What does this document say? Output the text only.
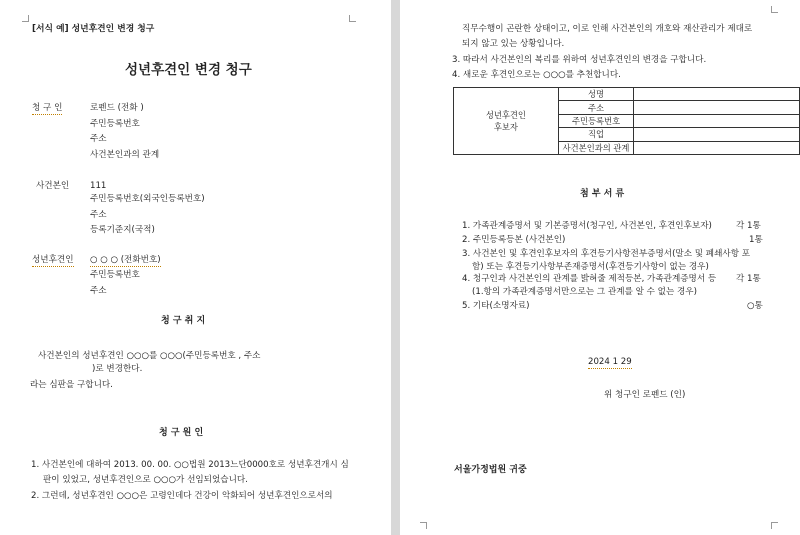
[서식 예] 성년후견인 변경 청구
성년후견인 변경 청구
청 구 인	로펜드 (전화 )
주민등록번호
주소
사건본인과의 관계
사건본인 111
주민등록번호(외국인등록번호)
주소
등록기준지(국적)
성년후견인 ○ ○ ○ (전화번호)
주민등록번호
주소
청 구 취 지
사건본인의 성년후견인 ○○○를 ○○○(주민등록번호 , 주소
)로 변경한다.
라는 심판을 구합니다.
청 구 원 인
1. 사건본인에 대하여 2013. 00. 00. ○○법원 2013느단0000호로 성년후견개시 심
판이 있었고, 성년후견인으로 ○○○가 선임되었습니다.
2. 그런데, 성년후견인 ○○○은 고령인데다 건강이 악화되어 성년후견인으로서의
직무수행이 곤란한 상태이고, 이로 인해 사건본인의 개호와 재산관리가 제대로
되지 않고 있는 상황입니다.
3. 따라서 사건본인의 복리를 위하여 성년후견인의 변경을 구합니다.
4. 새로운 후견인으로는 ○○○를 추천합니다.
성년후견인
후보자	성명	
	주소	
	주민등록번호	
	직업	
	사건본인과의 관계	
첨 부 서 류
1. 가족관계증명서 및 기본증명서(청구인, 사건본인, 후견인후보자)	각 1통
2. 주민등록등본 (사건본인)	1통
3. 사건본인 및 후견인후보자의 후견등기사항전부증명서(말소 및 폐쇄사항 포
함) 또는 후견등기사항부존재증명서(후견등기사항이 없는 경우)
4. 청구인과 사건본인의 관계를 밝혀줄 제적등본, 가족관계증명서 등 각 1통
(1.항의 가족관계증명서만으로는 그 관계를 알 수 없는 경우)
5. 기타(소명자료)	○통
2024 1 29
위 청구인 로펜드 (인)
서울가정법원 귀중
